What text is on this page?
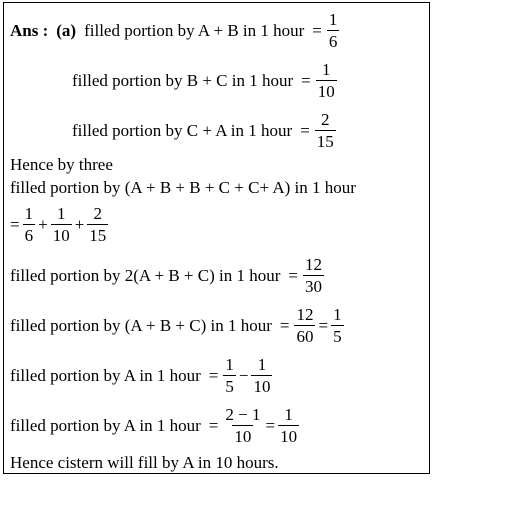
Ans : (a) filled portion by A + B in 1 hour = $\frac{1}{6}$
filled portion by B + C in 1 hour = $\frac{1}{10}$
filled portion by C + A in 1 hour = $\frac{2}{15}$
Hence by three
filled portion by (A + B + B + C + C+ A) in 1 hour
= $\frac{1}{6} + \frac{1}{10} + \frac{2}{15}$
filled portion by 2(A + B + C) in 1 hour = $\frac{12}{30}$
filled portion by (A + B + C) in 1 hour = $\frac{12}{60} = \frac{1}{5}$
filled portion by A in 1 hour = $\frac{1}{5} - \frac{1}{10}$
filled portion by A in 1 hour = $\frac{2 - 1}{10} = \frac{1}{10}$
Hence cistern will fill by A in 10 hours.
